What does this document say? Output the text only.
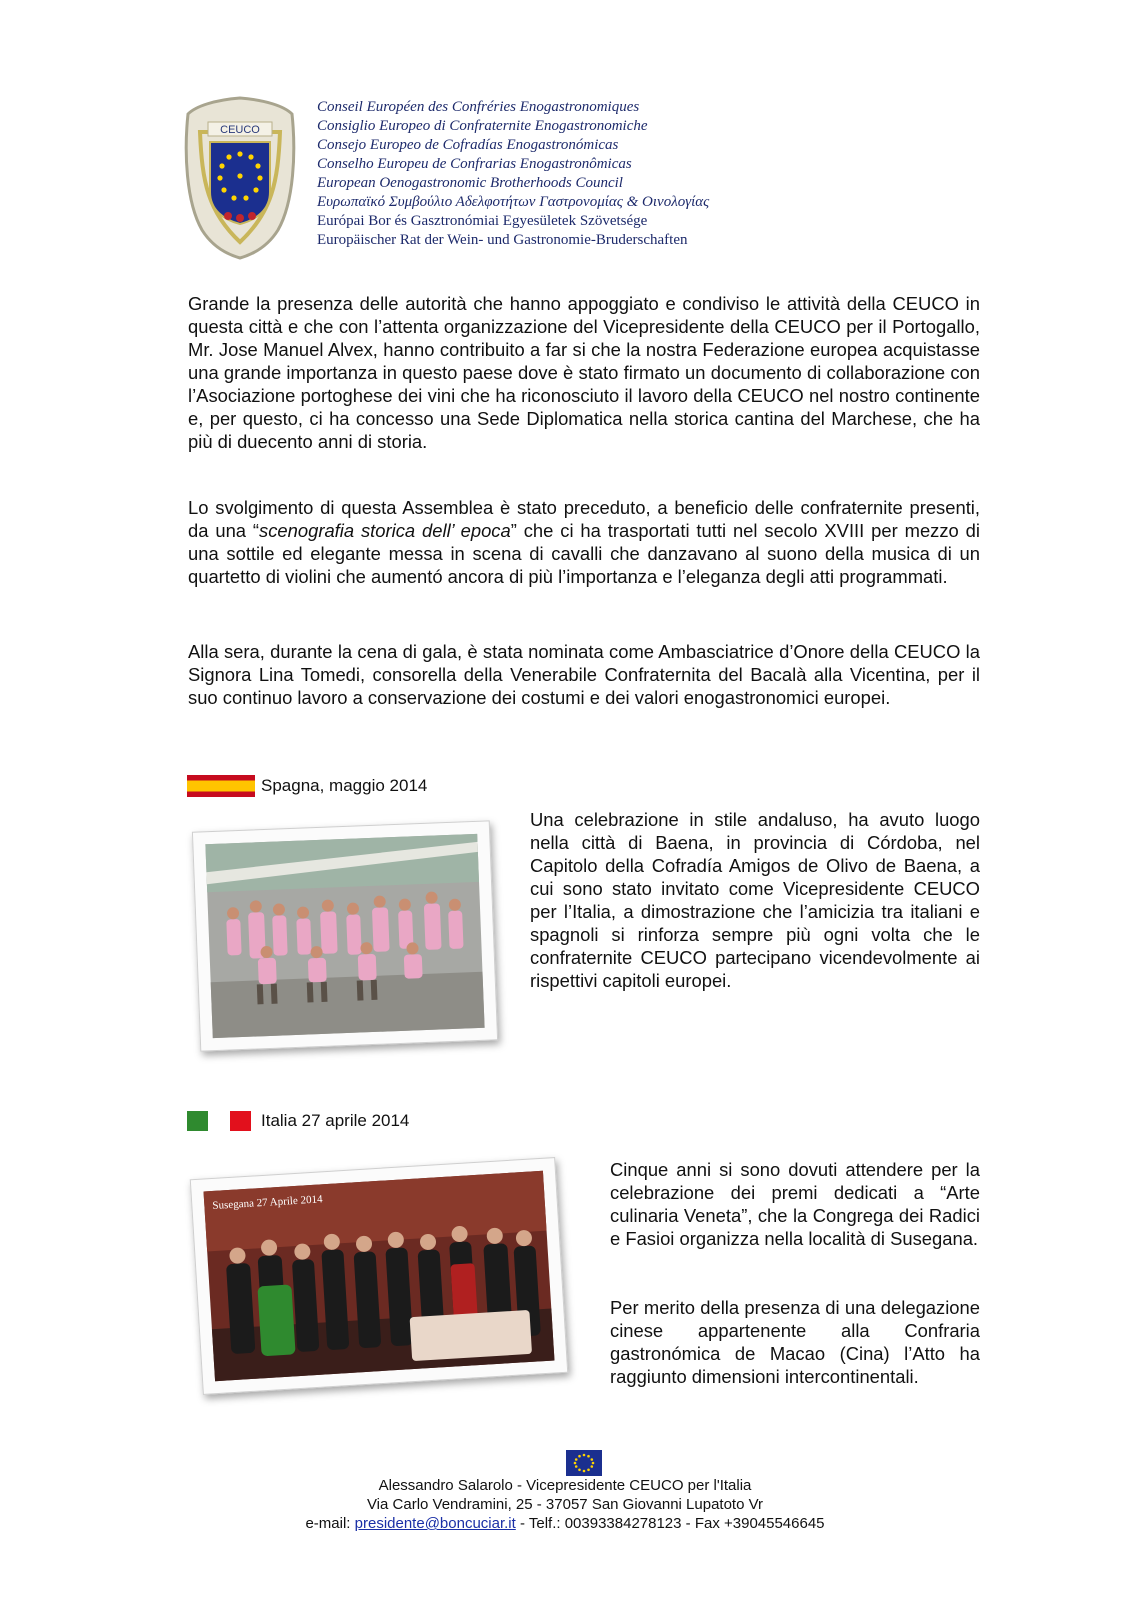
CEUCO
Conseil Européen des Confréries Enogastronomiques
Consiglio Europeo di Confraternite Enogastronomiche
Consejo Europeo de Cofradías Enogastronómicas
Conselho Europeu de Confrarias Enogastronômicas
European Oenogastronomic Brotherhoods Council
Ευρωπαϊκό Συμβούλιο Αδελφοτήτων Γαστρονομίας & Οινολογίας
Európai Bor és Gasztronómiai Egyesületek Szövetsége
Europäischer Rat der Wein- und Gastronomie-Bruderschaften

Grande la presenza delle autorità che hanno appoggiato e condiviso le attività della CEUCO in questa città e che con l’attenta organizzazione del Vicepresidente della CEUCO per il Portogallo, Mr. Jose Manuel Alvex, hanno contribuito a far si che la nostra Federazione europea acquistasse una grande importanza in questo paese dove è stato firmato un documento di collaborazione con l’Asociazione portoghese dei vini che ha riconosciuto il lavoro della CEUCO nel nostro continente e, per questo, ci ha concesso una Sede Diplomatica nella storica cantina del Marchese, che ha più di duecento anni di storia.

Lo svolgimento di questa Assemblea è stato preceduto, a beneficio delle confraternite presenti, da una “scenografia storica dell’ epoca” che ci ha trasportati tutti nel secolo XVIII per mezzo di una sottile ed elegante messa in scena di cavalli che danzavano al suono della musica di un quartetto di violini che aumentó ancora di più l’importanza e l’eleganza degli atti programmati.

Alla sera, durante la cena di gala, è stata nominata come Ambasciatrice d’Onore della CEUCO la Signora Lina Tomedi, consorella della Venerabile Confraternita del Bacalà alla Vicentina, per il suo continuo lavoro a conservazione dei costumi e dei valori enogastronomici europei.

Spagna, maggio 2014

Una celebrazione in stile andaluso, ha avuto luogo nella città di Baena, in provincia di Córdoba, nel Capitolo della Cofradía Amigos de Olivo de Baena, a cui sono stato invitato come Vicepresidente CEUCO per l’Italia, a dimostrazione che l’amicizia tra italiani e spagnoli si rinforza sempre più ogni volta che le confraternite CEUCO partecipano vicendevolmente ai rispettivi capitoli europei.

Italia 27 aprile 2014
Susegana 27 Aprile 2014

Cinque anni si sono dovuti attendere per la celebrazione dei premi dedicati a “Arte culinaria Veneta”, che la Congrega dei Radici e Fasioi organizza nella località di Susegana.

Per merito della presenza di una delegazione cinese appartenente alla Confraria gastronómica de Macao (Cina) l’Atto ha raggiunto dimensioni intercontinentali.

Alessandro Salarolo - Vicepresidente CEUCO per l'Italia
Via Carlo Vendramini, 25 - 37057 San Giovanni Lupatoto Vr
e-mail: presidente@boncuciar.it - Telf.: 00393384278123 - Fax +39045546645
